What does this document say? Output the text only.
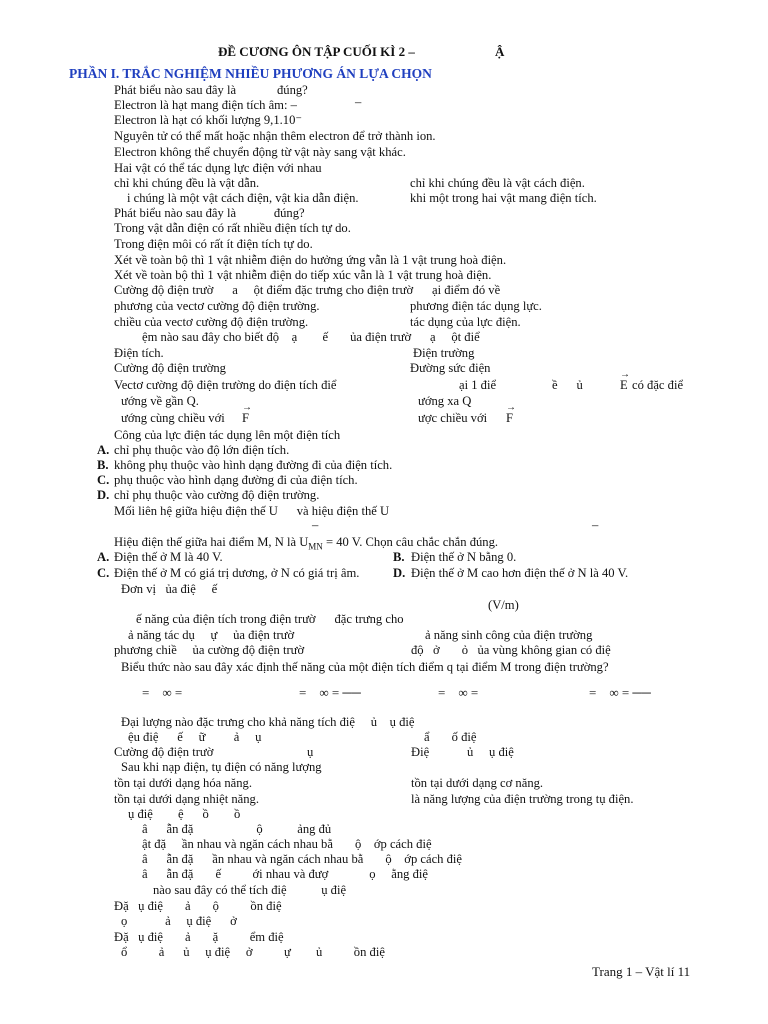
ĐỀ CƯƠNG ÔN TẬP CUỐI KÌ 2 –	Ậ
PHẦN I. TRẮC NGHIỆM NHIỀU PHƯƠNG ÁN LỰA CHỌN
Phát biểu nào sau đây là             đúng?
Electron là hạt mang điện tích âm: –	–
Electron là hạt có khối lượng 9,1.10⁻
Nguyên tử có thể mất hoặc nhận thêm electron để trở thành ion.
Electron không thể chuyển động từ vật này sang vật khác.
Hai vật có thể tác dụng lực điện với nhau
chỉ khi chúng đều là vật dẫn.	chỉ khi chúng đều là vật cách điện.
i chúng là một vật cách điện, vật kia dẫn điện.	khi một trong hai vật mang điện tích.
Phát biểu nào sau đây là            đúng?
Trong vật dẫn điện có rất nhiều điện tích tự do.
Trong điện môi có rất ít điện tích tự do.
Xét về toàn bộ thì 1 vật nhiễm điện do hưởng ứng vẫn là 1 vật trung hoà điện.
Xét về toàn bộ thì 1 vật nhiễm điện do tiếp xúc vẫn là 1 vật trung hoà điện.
Cường độ điện trườ      a     ột điểm đặc trưng cho điện trườ      ại điểm đó về
phương của vectơ cường độ điện trường.	phương điện tác dụng lực.
chiều của vectơ cường độ điện trường.	tác dụng của lực điện.
ệm nào sau đây cho biết độ    ạ        ế       ủa điện trườ      ạ     ột điể
Điện tích.	Điện trường
Cường độ điện trường	Đường sức điện
Vectơ cường độ điện trường do điện tích điể	ại 1 điể	ề      ủ	→ E có đặc điể
ướng về gần Q.	ướng xa Q
ướng cùng chiều với → F	ược chiều với → F
Công của lực điện tác dụng lên một điện tích
A. chỉ phụ thuộc vào độ lớn điện tích.
B. không phụ thuộc vào hình dạng đường đi của điện tích.
C. phụ thuộc vào hình dạng đường đi của điện tích.
D. chỉ phụ thuộc vào cường độ điện trường.
Mối liên hệ giữa hiệu điện thế U      và hiệu điện thế U
–	–
Hiệu điện thế giữa hai điểm M, N là $U_{MN} = 40$ V. Chọn câu chắc chắn đúng.
A. Điện thế ở M là 40 V.	B. Điện thế ở N bằng 0.
C. Điện thế ở M có giá trị dương, ở N có giá trị âm.	D. Điện thế ở M cao hơn điện thế ở N là 40 V.
Đơn vị   ủa điệ     ế
(V/m)
ế năng của điện tích trong điện trườ      đặc trưng cho
ả năng tác dụ     ự     ủa điện trườ	ả năng sinh công của điện trường
phương chiề     ủa cường độ điện trườ	độ   ở       ỏ   ủa vùng không gian có điệ
Biểu thức nào sau đây xác định thế năng của một điện tích điểm q tại điểm M trong điện trường?
=    ∞ =	=    ∞ = ──	=    ∞ =	=    ∞ = ──
Đại lượng nào đặc trưng cho khả năng tích điệ     ủ    ụ điệ
ệu điệ      ế     ữ         ả     ụ	ẩ       ố điệ
Cường độ điện trườ	ụ	Điệ            ủ     ụ điệ
Sau khi nạp điện, tụ điện có năng lượng
tồn tại dưới dạng hóa năng.	tồn tại dưới dạng cơ năng.
tồn tại dưới dạng nhiệt năng.	là năng lượng của điện trường trong tụ điện.
ụ điệ        ệ      ồ        ồ
â      ẫn đặ                    ộ           ảng đủ
ật đặ     ần nhau và ngăn cách nhau bằ       ộ    ớp cách điệ
â      ẫn đặ      ần nhau và ngăn cách nhau bằ       ộ    ớp cách điệ
â      ẫn đặ       ế          ới nhau và đượ             ọ     ằng điệ
nào sau đây có thể tích điệ           ụ điệ
Đặ   ụ điệ       ả       ộ          ồn điệ
ọ            ả     ụ điệ      ở
Đặ   ụ điệ       ả       ặ          ểm điệ
ổ          ả      ủ     ụ điệ     ở          ự        ủ          ồn điệ
Trang 1 – Vật lí 11
